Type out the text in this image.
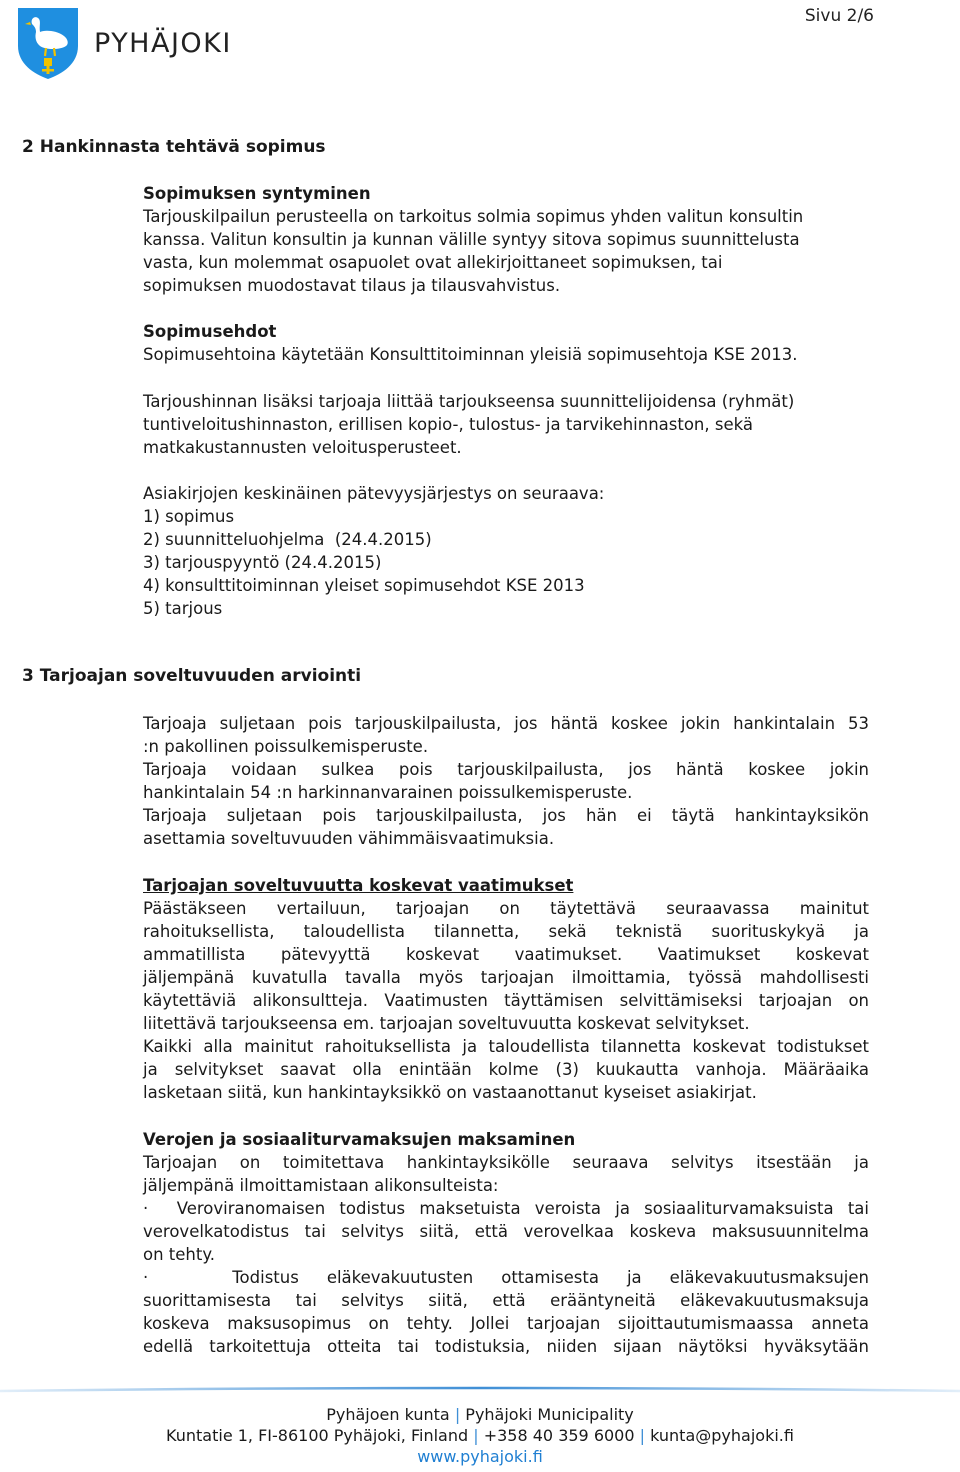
PYHÄJOKI
Sivu 2/6
2 Hankinnasta tehtävä sopimus

Sopimuksen syntyminen

Tarjouskilpailun perusteella on tarkoitus solmia sopimus yhden valitun konsultin

kanssa. Valitun konsultin ja kunnan välille syntyy sitova sopimus suunnittelusta

vasta, kun molemmat osapuolet ovat allekirjoittaneet sopimuksen, tai

sopimuksen muodostavat tilaus ja tilausvahvistus.

Sopimusehdot

Sopimusehtoina käytetään Konsulttitoiminnan yleisiä sopimusehtoja KSE 2013.

Tarjoushinnan lisäksi tarjoaja liittää tarjoukseensa suunnittelijoidensa (ryhmät)

tuntiveloitushinnaston, erillisen kopio-, tulostus- ja tarvikehinnaston, sekä

matkakustannusten veloitusperusteet.

Asiakirjojen keskinäinen pätevyysjärjestys on seuraava:

1) sopimus

2) suunnitteluohjelma  (24.4.2015)

3) tarjouspyyntö (24.4.2015)

4) konsulttitoiminnan yleiset sopimusehdot KSE 2013

5) tarjous

3 Tarjoajan soveltuvuuden arviointi

Tarjoaja suljetaan pois tarjouskilpailusta, jos häntä koskee jokin hankintalain 53

:n pakollinen poissulkemisperuste.

Tarjoaja voidaan sulkea pois tarjouskilpailusta, jos häntä koskee jokin

hankintalain 54 :n harkinnanvarainen poissulkemisperuste.

Tarjoaja suljetaan pois tarjouskilpailusta, jos hän ei täytä hankintayksikön

asettamia soveltuvuuden vähimmäisvaatimuksia.

Tarjoajan soveltuvuutta koskevat vaatimukset

Päästäkseen vertailuun, tarjoajan on täytettävä seuraavassa mainitut

rahoituksellista, taloudellista tilannetta, sekä teknistä suorituskykyä ja

ammatillista pätevyyttä koskevat vaatimukset. Vaatimukset koskevat

jäljempänä kuvatulla tavalla myös tarjoajan ilmoittamia, työssä mahdollisesti

käytettäviä alikonsultteja. Vaatimusten täyttämisen selvittämiseksi tarjoajan on

liitettävä tarjoukseensa em. tarjoajan soveltuvuutta koskevat selvitykset.

Kaikki alla mainitut rahoituksellista ja taloudellista tilannetta koskevat todistukset

ja selvitykset saavat olla enintään kolme (3) kuukautta vanhoja. Määräaika

lasketaan siitä, kun hankintayksikkö on vastaanottanut kyseiset asiakirjat.

Verojen ja sosiaaliturvamaksujen maksaminen

Tarjoajan on toimitettava hankintayksikölle seuraava selvitys itsestään ja

jäljempänä ilmoittamistaan alikonsulteista:

·  Veroviranomaisen todistus maksetuista veroista ja sosiaaliturvamaksuista tai

verovelkatodistus tai selvitys siitä, että verovelkaa koskeva maksusuunnitelma

on tehty.

·   Todistus eläkevakuutusten ottamisesta ja eläkevakuutusmaksujen

suorittamisesta tai selvitys siitä, että erääntyneitä eläkevakuutusmaksuja

koskeva maksusopimus on tehty. Jollei tarjoajan sijoittautumismaassa anneta

edellä tarkoitettuja otteita tai todistuksia, niiden sijaan näytöksi hyväksytään

Pyhäjoen kunta | Pyhäjoki Municipality
Kuntatie 1, FI-86100 Pyhäjoki, Finland | +358 40 359 6000 | kunta@pyhajoki.fi
www.pyhajoki.fi
